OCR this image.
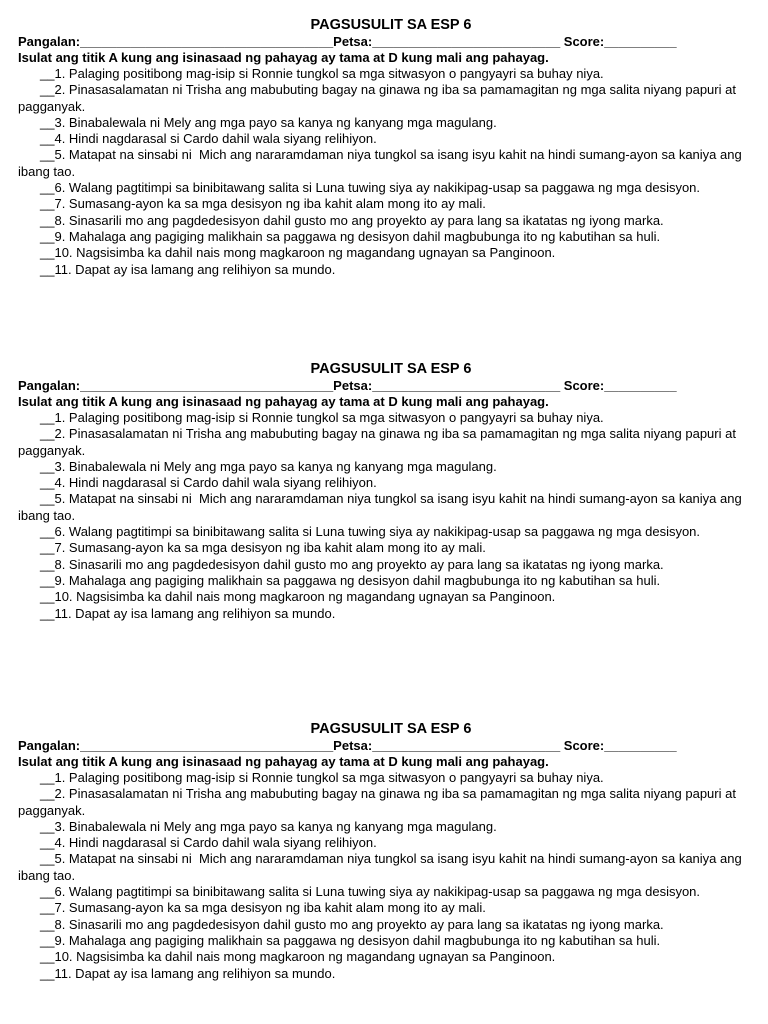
PAGSUSULIT SA ESP 6
Pangalan:___________________________________Petsa:__________________________ Score:__________
Isulat ang titik A kung ang isinasaad ng pahayag ay tama at D kung mali ang pahayag.
__1. Palaging positibong mag-isip si Ronnie tungkol sa mga sitwasyon o pangyayri sa buhay niya.
__2. Pinasasalamatan ni Trisha ang mabubuting bagay na ginawa ng iba sa pamamagitan ng mga salita niyang papuri at pagganyak.
__3. Binabalewala ni Mely ang mga payo sa kanya ng kanyang mga magulang.
__4. Hindi nagdarasal si Cardo dahil wala siyang relihiyon.
__5. Matapat na sinsabi ni  Mich ang nararamdaman niya tungkol sa isang isyu kahit na hindi sumang-ayon sa kaniya ang ibang tao.
__6. Walang pagtitimpi sa binibitawang salita si Luna tuwing siya ay nakikipag-usap sa paggawa ng mga desisyon.
__7. Sumasang-ayon ka sa mga desisyon ng iba kahit alam mong ito ay mali.
__8. Sinasarili mo ang pagdedesisyon dahil gusto mo ang proyekto ay para lang sa ikatatas ng iyong marka.
__9. Mahalaga ang pagiging malikhain sa paggawa ng desisyon dahil magbubunga ito ng kabutihan sa huli.
__10. Nagsisimba ka dahil nais mong magkaroon ng magandang ugnayan sa Panginoon.
__11. Dapat ay isa lamang ang relihiyon sa mundo.
PAGSUSULIT SA ESP 6
Pangalan:___________________________________Petsa:__________________________ Score:__________
Isulat ang titik A kung ang isinasaad ng pahayag ay tama at D kung mali ang pahayag.
__1. Palaging positibong mag-isip si Ronnie tungkol sa mga sitwasyon o pangyayri sa buhay niya.
__2. Pinasasalamatan ni Trisha ang mabubuting bagay na ginawa ng iba sa pamamagitan ng mga salita niyang papuri at pagganyak.
__3. Binabalewala ni Mely ang mga payo sa kanya ng kanyang mga magulang.
__4. Hindi nagdarasal si Cardo dahil wala siyang relihiyon.
__5. Matapat na sinsabi ni  Mich ang nararamdaman niya tungkol sa isang isyu kahit na hindi sumang-ayon sa kaniya ang ibang tao.
__6. Walang pagtitimpi sa binibitawang salita si Luna tuwing siya ay nakikipag-usap sa paggawa ng mga desisyon.
__7. Sumasang-ayon ka sa mga desisyon ng iba kahit alam mong ito ay mali.
__8. Sinasarili mo ang pagdedesisyon dahil gusto mo ang proyekto ay para lang sa ikatatas ng iyong marka.
__9. Mahalaga ang pagiging malikhain sa paggawa ng desisyon dahil magbubunga ito ng kabutihan sa huli.
__10. Nagsisimba ka dahil nais mong magkaroon ng magandang ugnayan sa Panginoon.
__11. Dapat ay isa lamang ang relihiyon sa mundo.
PAGSUSULIT SA ESP 6
Pangalan:___________________________________Petsa:__________________________ Score:__________
Isulat ang titik A kung ang isinasaad ng pahayag ay tama at D kung mali ang pahayag.
__1. Palaging positibong mag-isip si Ronnie tungkol sa mga sitwasyon o pangyayri sa buhay niya.
__2. Pinasasalamatan ni Trisha ang mabubuting bagay na ginawa ng iba sa pamamagitan ng mga salita niyang papuri at pagganyak.
__3. Binabalewala ni Mely ang mga payo sa kanya ng kanyang mga magulang.
__4. Hindi nagdarasal si Cardo dahil wala siyang relihiyon.
__5. Matapat na sinsabi ni  Mich ang nararamdaman niya tungkol sa isang isyu kahit na hindi sumang-ayon sa kaniya ang ibang tao.
__6. Walang pagtitimpi sa binibitawang salita si Luna tuwing siya ay nakikipag-usap sa paggawa ng mga desisyon.
__7. Sumasang-ayon ka sa mga desisyon ng iba kahit alam mong ito ay mali.
__8. Sinasarili mo ang pagdedesisyon dahil gusto mo ang proyekto ay para lang sa ikatatas ng iyong marka.
__9. Mahalaga ang pagiging malikhain sa paggawa ng desisyon dahil magbubunga ito ng kabutihan sa huli.
__10. Nagsisimba ka dahil nais mong magkaroon ng magandang ugnayan sa Panginoon.
__11. Dapat ay isa lamang ang relihiyon sa mundo.
